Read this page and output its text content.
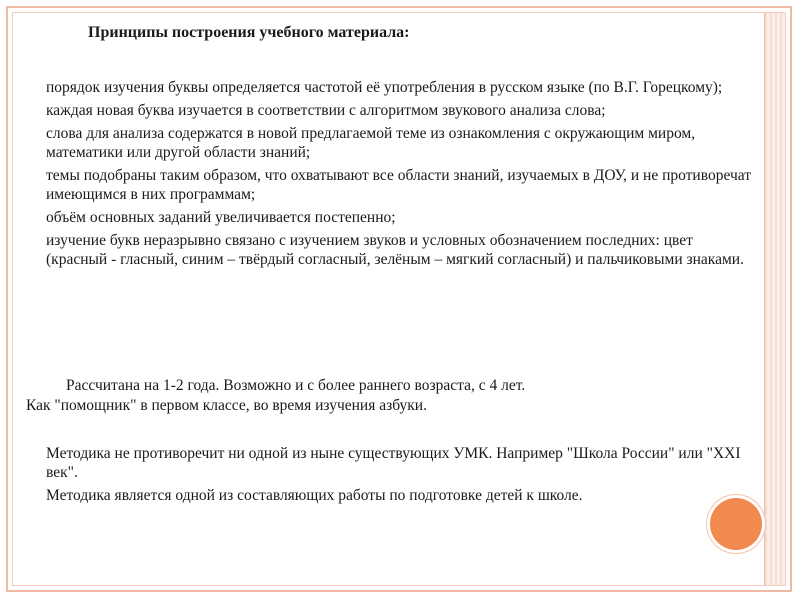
Принципы построения учебного материала:
порядок изучения буквы определяется частотой её употребления в русском языке (по В.Г. Горецкому);
каждая новая буква изучается в соответствии с алгоритмом звукового анализа слова;
слова для анализа содержатся в новой предлагаемой теме из ознакомления с окружающим миром, математики или другой области знаний;
темы подобраны таким образом, что охватывают все области знаний, изучаемых в ДОУ, и не противоречат имеющимся в них программам;
объём основных заданий увеличивается постепенно;
изучение букв неразрывно связано с изучением звуков и условных обозначением последних: цвет (красный - гласный, синим – твёрдый согласный, зелёным – мягкий согласный) и пальчиковыми знаками.

Рассчитана на 1-2 года. Возможно и с более раннего возраста, с 4 лет.
Как "помощник" в первом классе, во время изучения азбуки.

Методика не противоречит ни одной из ныне существующих УМК. Например "Школа России" или "XXI век".
Методика является одной из составляющих работы по подготовке детей к школе.
